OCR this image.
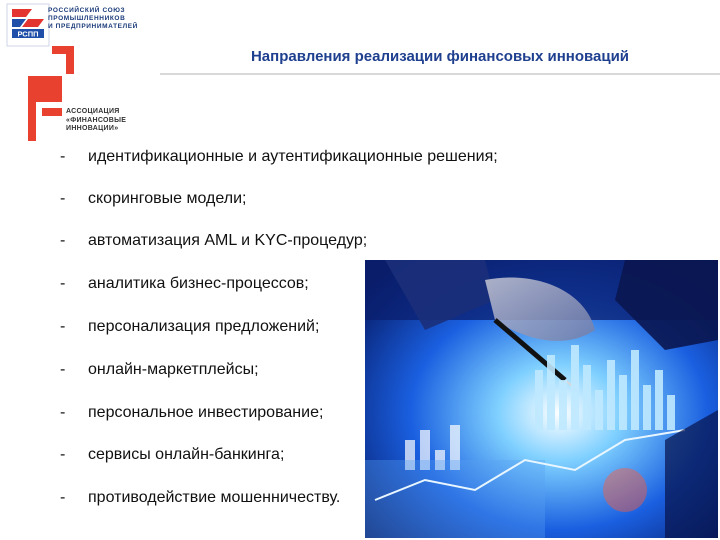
РСПП
РОССИЙСКИЙ СОЮЗ
ПРОМЫШЛЕННИКОВ
И ПРЕДПРИНИМАТЕЛЕЙ
АССОЦИАЦИЯ
«ФИНАНСОВЫЕ
ИННОВАЦИИ»
Направления реализации финансовых инноваций
- идентификационные и аутентификационные решения;
- скоринговые модели;
- автоматизация AML и KYC-процедур;
- аналитика бизнес-процессов;
- персонализация предложений;
- онлайн-маркетплейсы;
- персональное инвестирование;
- сервисы онлайн-банкинга;
- противодействие мошенничеству.
